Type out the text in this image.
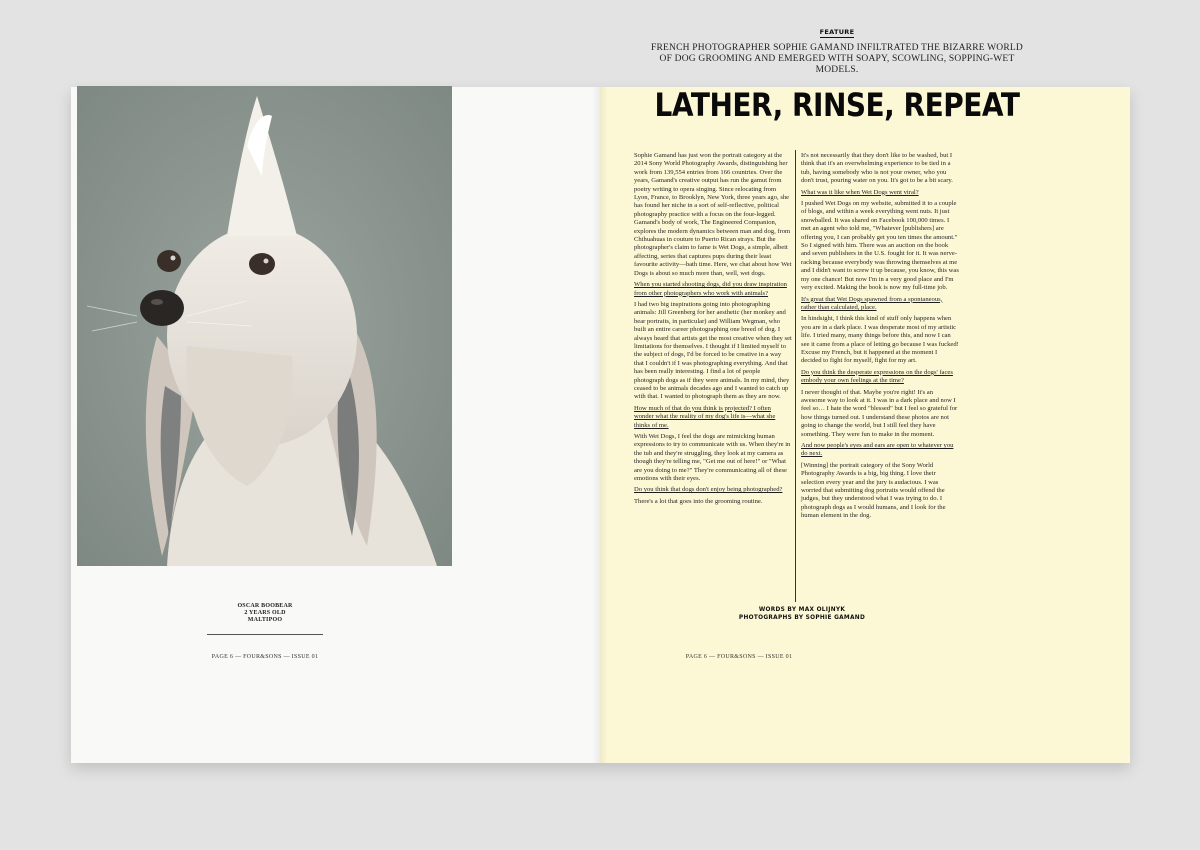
OSCAR BOOBEAR
2 YEARS OLD
MALTIPOO
PAGE 6 — FOUR&SONS — ISSUE 01
FEATURE
FRENCH PHOTOGRAPHER SOPHIE GAMAND INFILTRATED THE BIZARRE WORLD OF DOG GROOMING AND EMERGED WITH SOAPY, SCOWLING, SOPPING-WET MODELS.
LATHER, RINSE, REPEAT

Sophie Gamand has just won the portrait category at the 2014 Sony World Photography Awards, distinguishing her work from 139,554 entries from 166 countries. Over the years, Gamand's creative output has run the gamut from poetry writing to opera singing. Since relocating from Lyon, France, to Brooklyn, New York, three years ago, she has found her niche in a sort of self-reflective, political photography practice with a focus on the four-legged. Gamand's body of work, The Engineered Companion, explores the modern dynamics between man and dog, from Chihuahuas in couture to Puerto Rican strays. But the photographer's claim to fame is Wet Dogs, a simple, albeit affecting, series that captures pups during their least favourite activity—bath time. Here, we chat about how Wet Dogs is about so much more than, well, wet dogs.

When you started shooting dogs, did you draw inspiration from other photographers who work with animals?

I had two big inspirations going into photographing animals: Jill Greenberg for her aesthetic (her monkey and bear portraits, in particular) and William Wegman, who built an entire career photographing one breed of dog. I always heard that artists get the most creative when they set limitations for themselves. I thought if I limited myself to the subject of dogs, I'd be forced to be creative in a way that I couldn't if I was photographing everything. And that has been really interesting. I find a lot of people photograph dogs as if they were animals. In my mind, they ceased to be animals decades ago and I wanted to catch up with that. I wanted to photograph them as they are now.

How much of that do you think is projected? I often wonder what the reality of my dog's life is—what she thinks of me.

With Wet Dogs, I feel the dogs are mimicking human expressions to try to communicate with us. When they're in the tub and they're struggling, they look at my camera as though they're telling me, "Get me out of here!" or "What are you doing to me?" They're communicating all of these emotions with their eyes.

Do you think that dogs don't enjoy being photographed?

There's a lot that goes into the grooming routine.

It's not necessarily that they don't like to be washed, but I think that it's an overwhelming experience to be tied in a tub, having somebody who is not your owner, who you don't trust, pouring water on you. It's got to be a bit scary.

What was it like when Wet Dogs went viral?

I pushed Wet Dogs on my website, submitted it to a couple of blogs, and within a week everything went nuts. It just snowballed. It was shared on Facebook 100,000 times. I met an agent who told me, "Whatever [publishers] are offering you, I can probably get you ten times the amount." So I signed with him. There was an auction on the book and seven publishers in the U.S. fought for it. It was nerve-racking because everybody was throwing themselves at me and I didn't want to screw it up because, you know, this was my one chance! But now I'm in a very good place and I'm very excited. Making the book is now my full-time job.

It's great that Wet Dogs spawned from a spontaneous, rather than calculated, place.

In hindsight, I think this kind of stuff only happens when you are in a dark place. I was desperate most of my artistic life. I tried many, many things before this, and now I can see it came from a place of letting go because I was fucked! Excuse my French, but it happened at the moment I decided to fight for myself, fight for my art.

Do you think the desperate expressions on the dogs' faces embody your own feelings at the time?

I never thought of that. Maybe you're right! It's an awesome way to look at it. I was in a dark place and now I feel so… I hate the word "blessed" but I feel so grateful for how things turned out. I understand these photos are not going to change the world, but I still feel they have something. They were fun to make in the moment.

And now people's eyes and ears are open to whatever you do next.

[Winning] the portrait category of the Sony World Photography Awards is a big, big thing. I love their selection every year and the jury is audacious. I was worried that submitting dog portraits would offend the judges, but they understood what I was trying to do. I photograph dogs as I would humans, and I look for the human element in the dog.

WORDS BY MAX OLIJNYK
PHOTOGRAPHS BY SOPHIE GAMAND
PAGE 6 — FOUR&SONS — ISSUE 01
